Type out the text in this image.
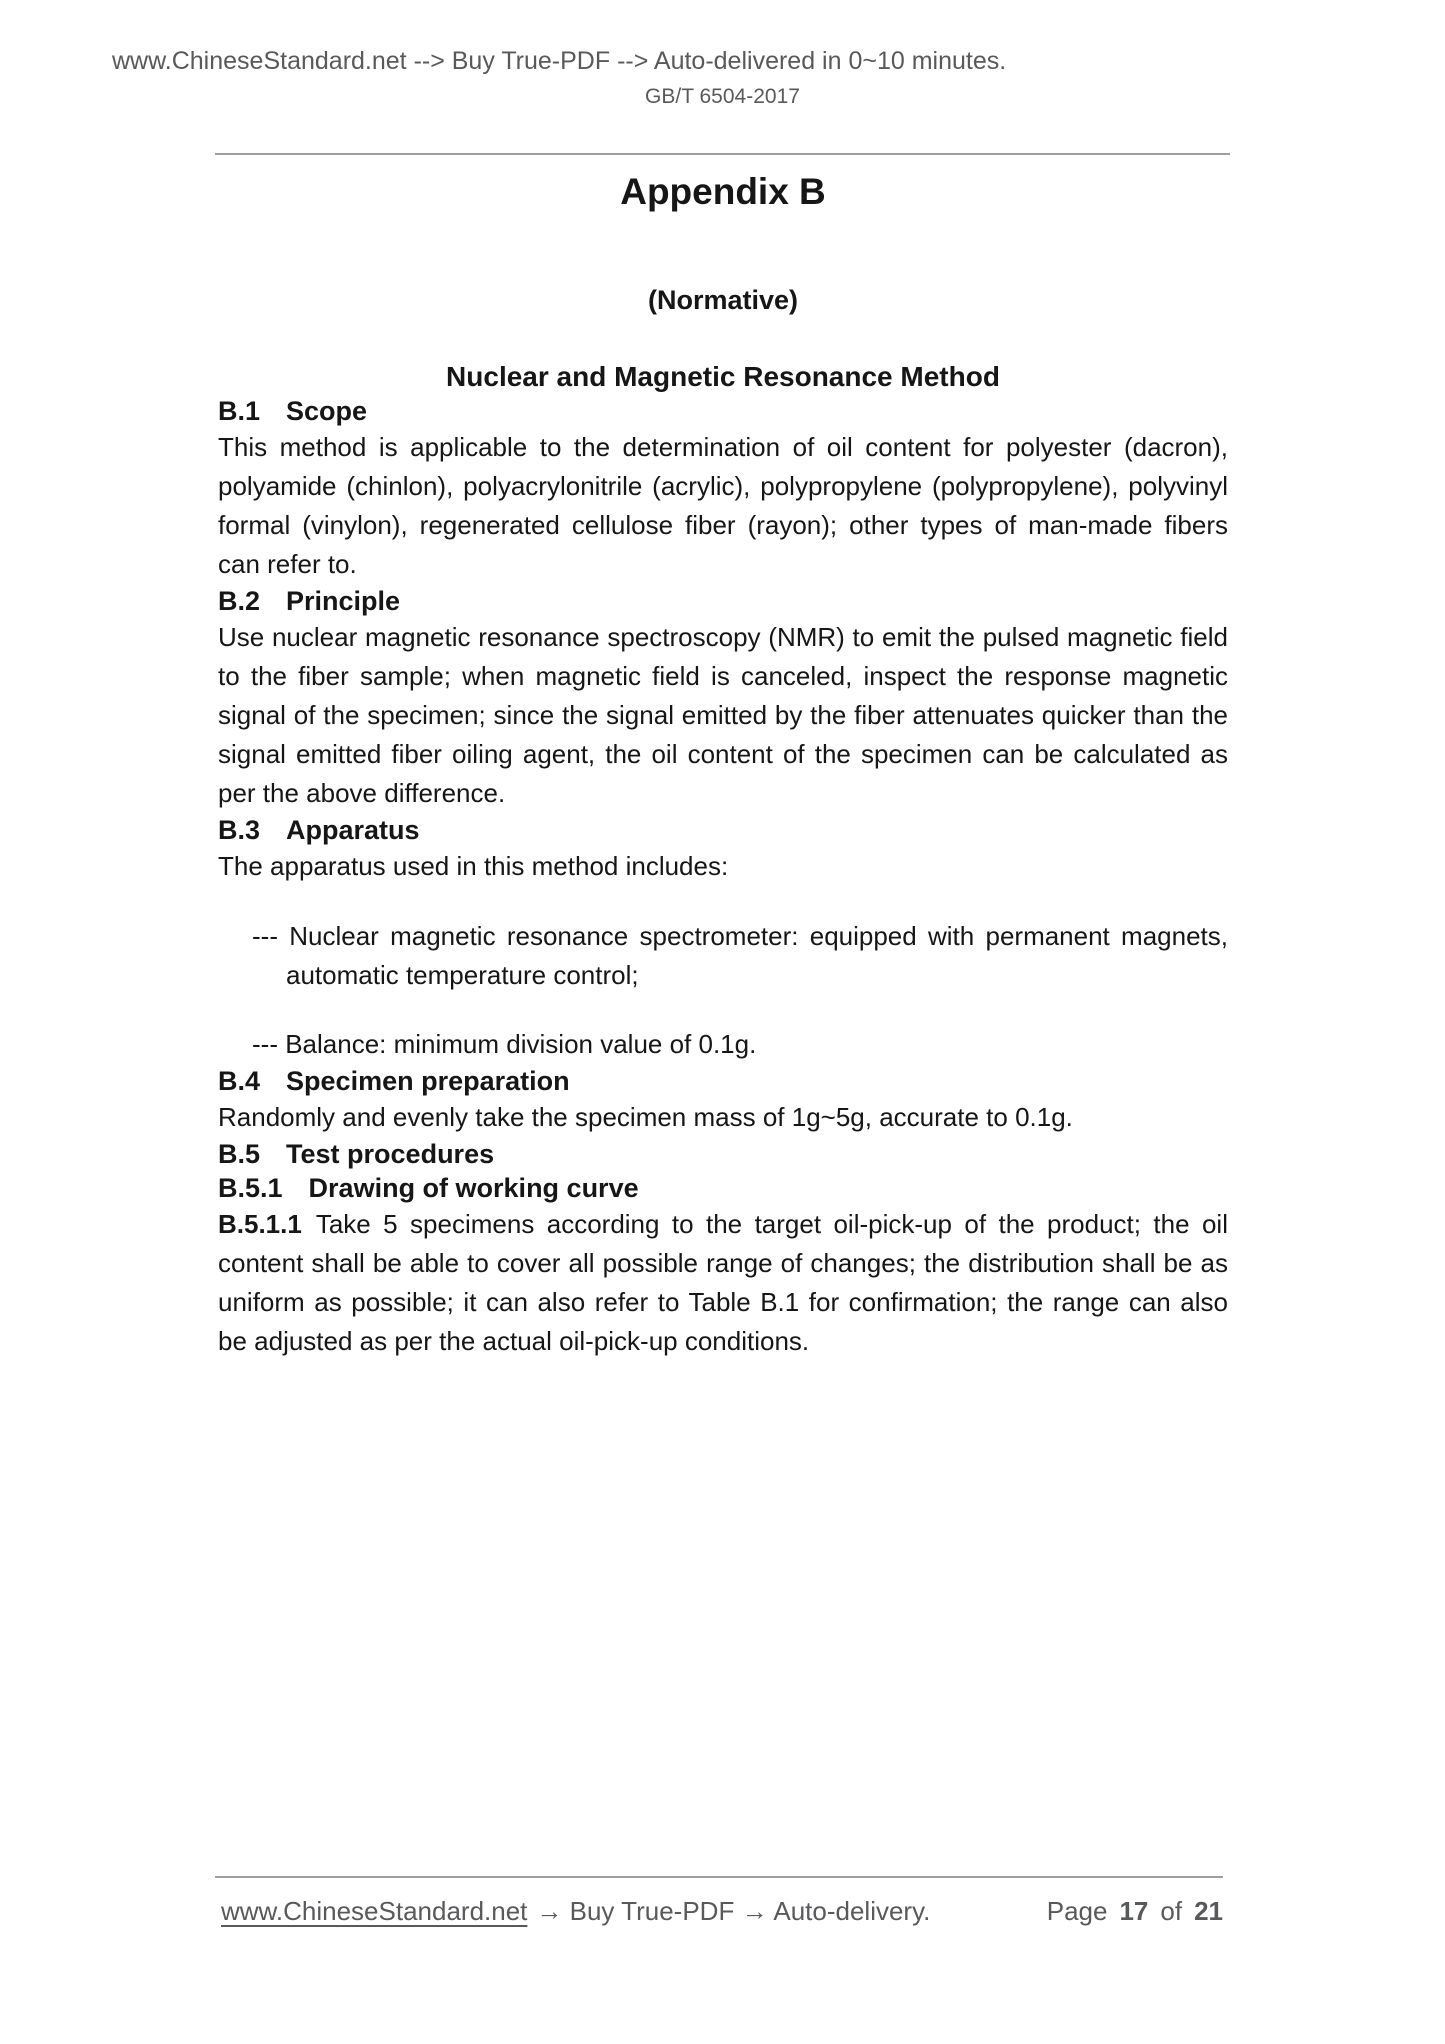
www.ChineseStandard.net --> Buy True-PDF --> Auto-delivered in 0~10 minutes.
GB/T 6504-2017
Appendix B
(Normative)
Nuclear and Magnetic Resonance Method
B.1 Scope

This method is applicable to the determination of oil content for polyester (dacron), polyamide (chinlon), polyacrylonitrile (acrylic), polypropylene (polypropylene), polyvinyl formal (vinylon), regenerated cellulose fiber (rayon); other types of man-made fibers can refer to.

B.2 Principle

Use nuclear magnetic resonance spectroscopy (NMR) to emit the pulsed magnetic field to the fiber sample; when magnetic field is canceled, inspect the response magnetic signal of the specimen; since the signal emitted by the fiber attenuates quicker than the signal emitted fiber oiling agent, the oil content of the specimen can be calculated as per the above difference.

B.3 Apparatus

The apparatus used in this method includes:

--- Nuclear magnetic resonance spectrometer: equipped with permanent magnets, automatic temperature control;
--- Balance: minimum division value of 0.1g.
B.4 Specimen preparation

Randomly and evenly take the specimen mass of 1g~5g, accurate to 0.1g.

B.5 Test procedures
B.5.1 Drawing of working curve

B.5.1.1 Take 5 specimens according to the target oil-pick-up of the product; the oil content shall be able to cover all possible range of changes; the distribution shall be as uniform as possible; it can also refer to Table B.1 for confirmation; the range can also be adjusted as per the actual oil-pick-up conditions.

www.ChineseStandard.net → Buy True-PDF → Auto-delivery.	Page 17 of 21
